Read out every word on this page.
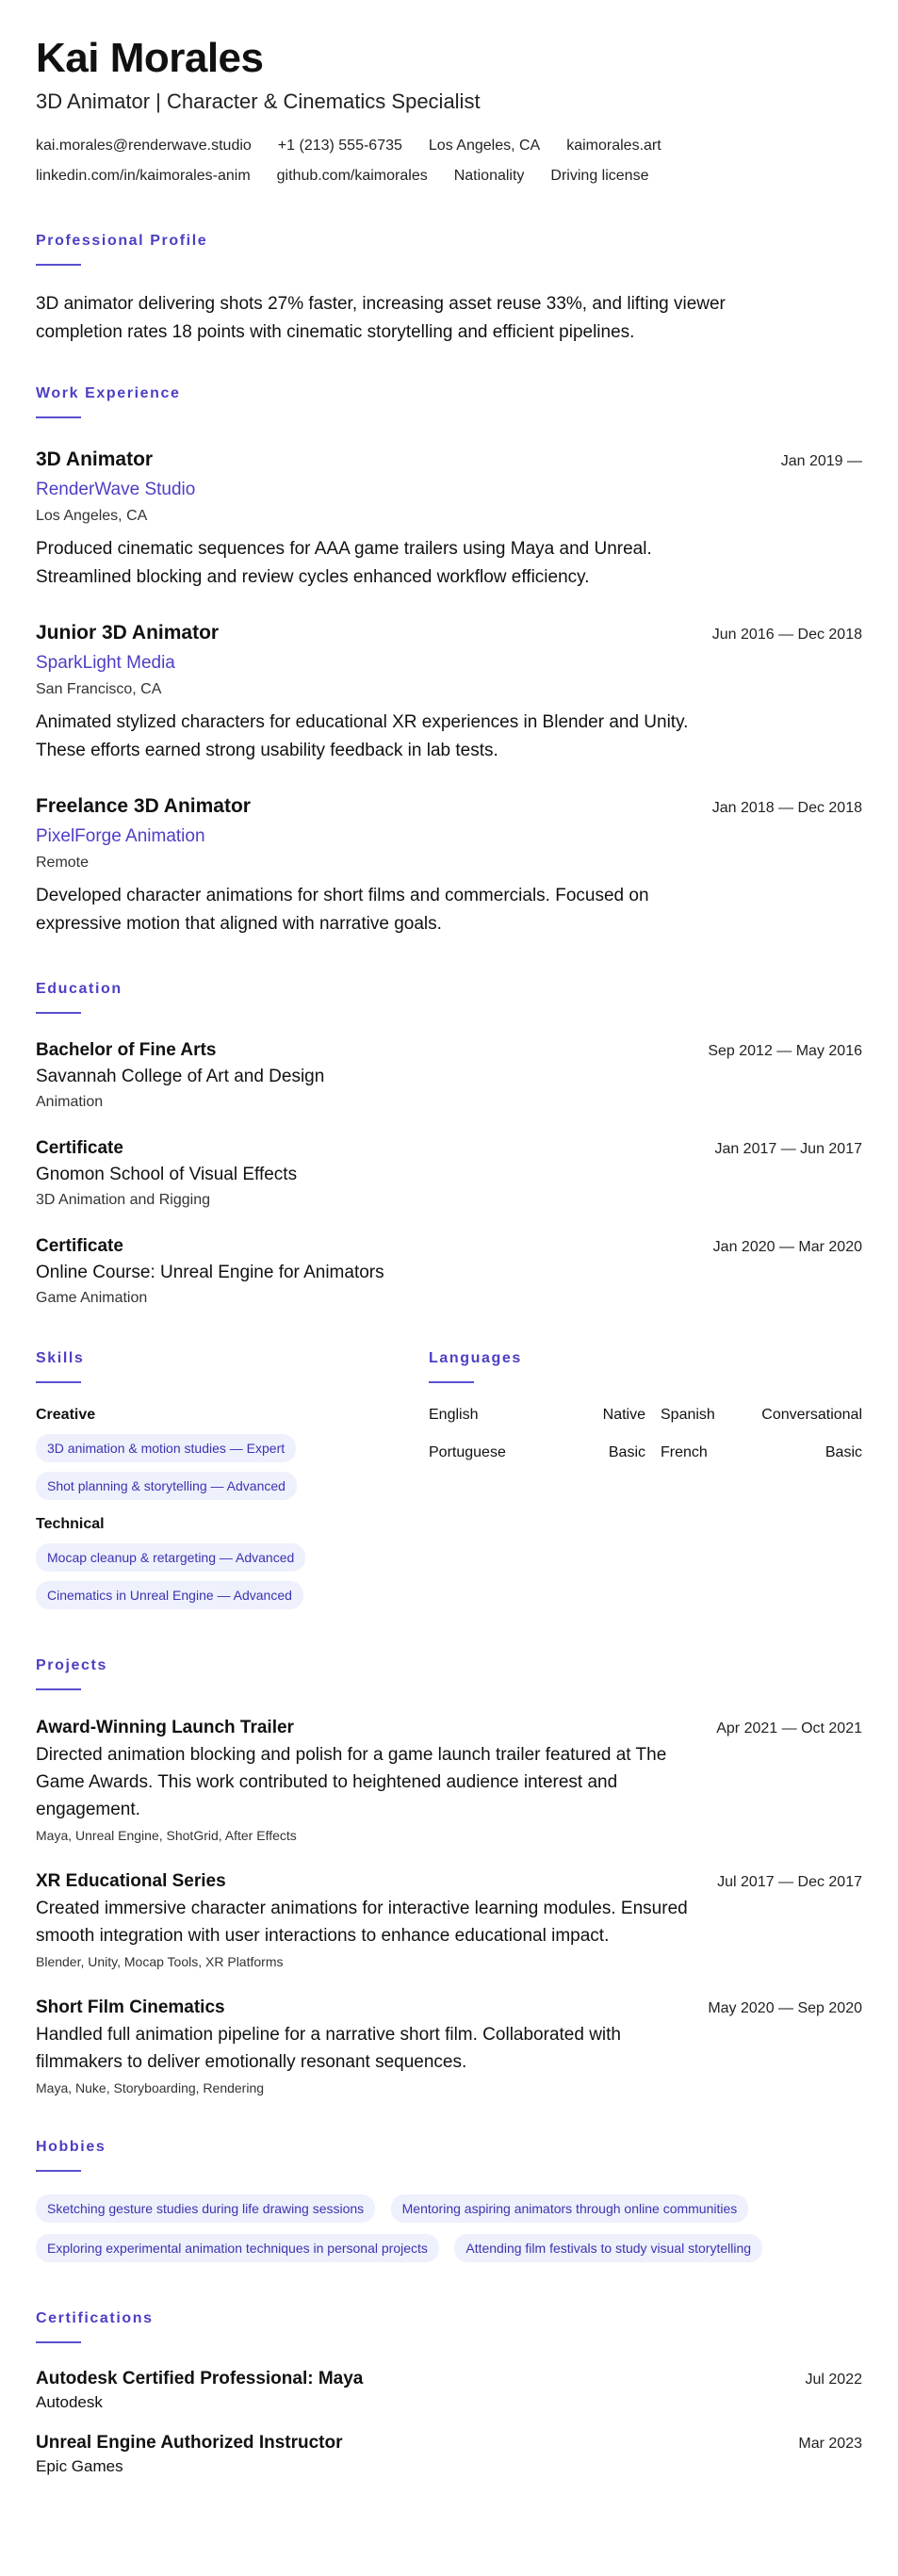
Kai Morales
3D Animator | Character & Cinematics Specialist
kai.morales@renderwave.studio +1 (213) 555-6735 Los Angeles, CA kaimorales.art
linkedin.com/in/kaimorales-anim github.com/kaimorales Nationality Driving license
Professional Profile

3D animator delivering shots 27% faster, increasing asset reuse 33%, and lifting viewer completion rates 18 points with cinematic storytelling and efficient pipelines.

Work Experience
3D Animator	Jan 2019 —
RenderWave Studio
Los Angeles, CA
Produced cinematic sequences for AAA game trailers using Maya and Unreal. Streamlined blocking and review cycles enhanced workflow efficiency.
Junior 3D Animator	Jun 2016 — Dec 2018
SparkLight Media
San Francisco, CA
Animated stylized characters for educational XR experiences in Blender and Unity. These efforts earned strong usability feedback in lab tests.
Freelance 3D Animator	Jan 2018 — Dec 2018
PixelForge Animation
Remote
Developed character animations for short films and commercials. Focused on expressive motion that aligned with narrative goals.
Education
Bachelor of Fine Arts	Sep 2012 — May 2016
Savannah College of Art and Design
Animation
Certificate	Jan 2017 — Jun 2017
Gnomon School of Visual Effects
3D Animation and Rigging
Certificate	Jan 2020 — Mar 2020
Online Course: Unreal Engine for Animators
Game Animation
Skills
Creative
3D animation & motion studies — Expert
Shot planning & storytelling — Advanced
Technical
Mocap cleanup & retargeting — Advanced
Cinematics in Unreal Engine — Advanced
Languages
English	Native	Spanish	Conversational
Portuguese	Basic	French	Basic
Projects
Award-Winning Launch Trailer	Apr 2021 — Oct 2021
Directed animation blocking and polish for a game launch trailer featured at The Game Awards. This work contributed to heightened audience interest and engagement.
Maya, Unreal Engine, ShotGrid, After Effects
XR Educational Series	Jul 2017 — Dec 2017
Created immersive character animations for interactive learning modules. Ensured smooth integration with user interactions to enhance educational impact.
Blender, Unity, Mocap Tools, XR Platforms
Short Film Cinematics	May 2020 — Sep 2020
Handled full animation pipeline for a narrative short film. Collaborated with filmmakers to deliver emotionally resonant sequences.
Maya, Nuke, Storyboarding, Rendering
Hobbies
Sketching gesture studies during life drawing sessions	Mentoring aspiring animators through online communities Exploring experimental animation techniques in personal projects	Attending film festivals to study visual storytelling
Certifications
Autodesk Certified Professional: Maya	Jul 2022
Autodesk
Unreal Engine Authorized Instructor	Mar 2023
Epic Games
